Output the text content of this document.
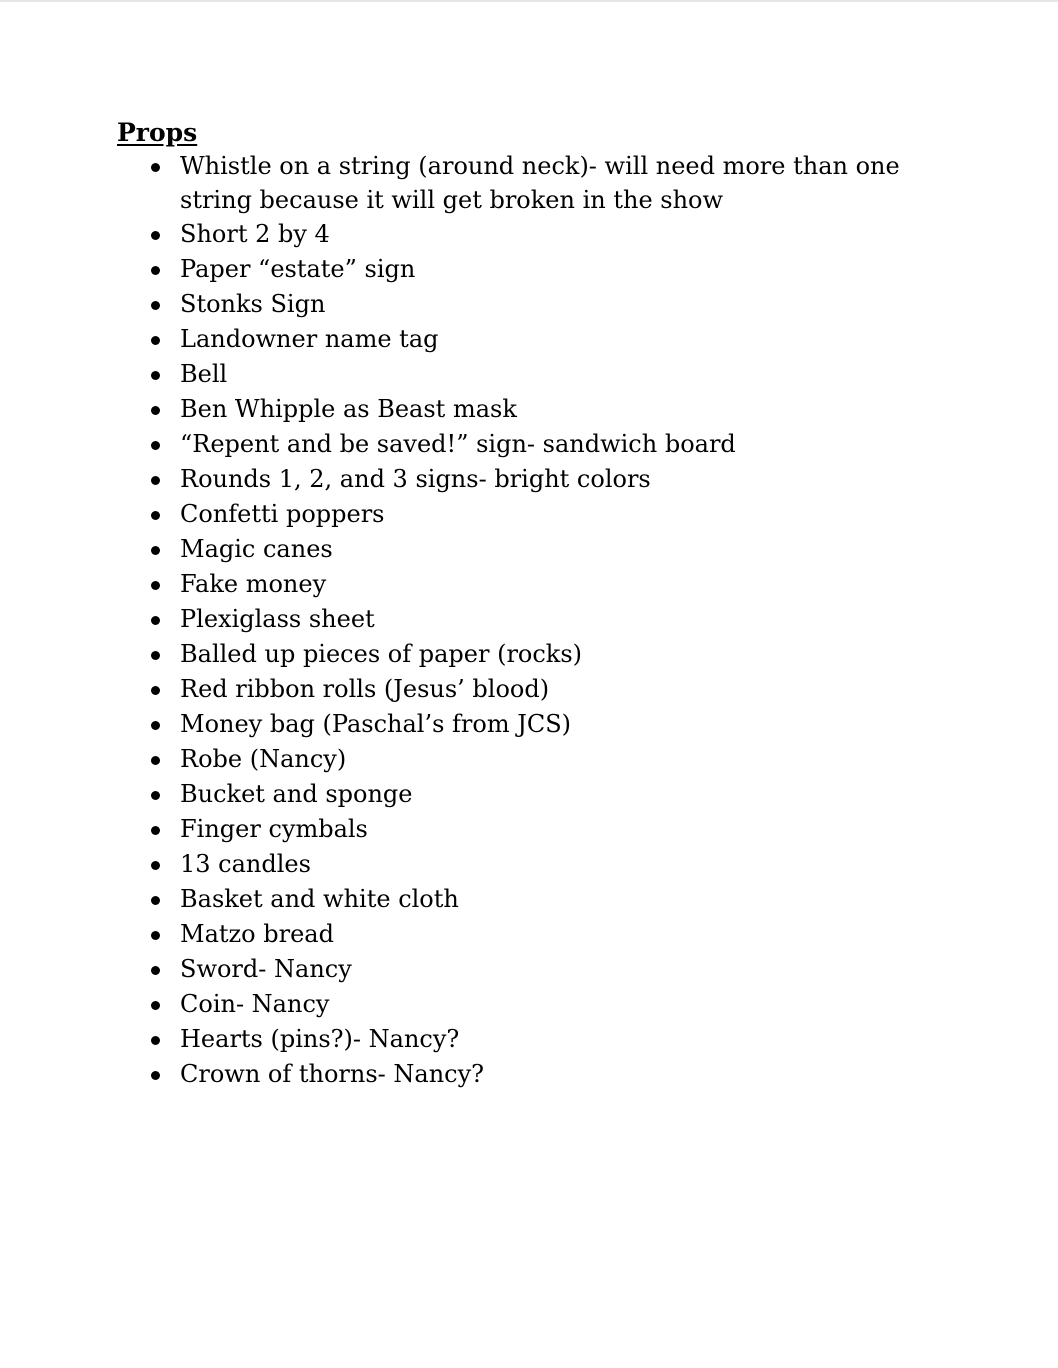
Props
Whistle on a string (around neck)- will need more than one string because it will get broken in the show
Short 2 by 4
Paper “estate” sign
Stonks Sign
Landowner name tag
Bell
Ben Whipple as Beast mask
“Repent and be saved!” sign- sandwich board
Rounds 1, 2, and 3 signs- bright colors
Confetti poppers
Magic canes
Fake money
Plexiglass sheet
Balled up pieces of paper (rocks)
Red ribbon rolls (Jesus’ blood)
Money bag (Paschal’s from JCS)
Robe (Nancy)
Bucket and sponge
Finger cymbals
13 candles
Basket and white cloth
Matzo bread
Sword- Nancy
Coin- Nancy
Hearts (pins?)- Nancy?
Crown of thorns- Nancy?
